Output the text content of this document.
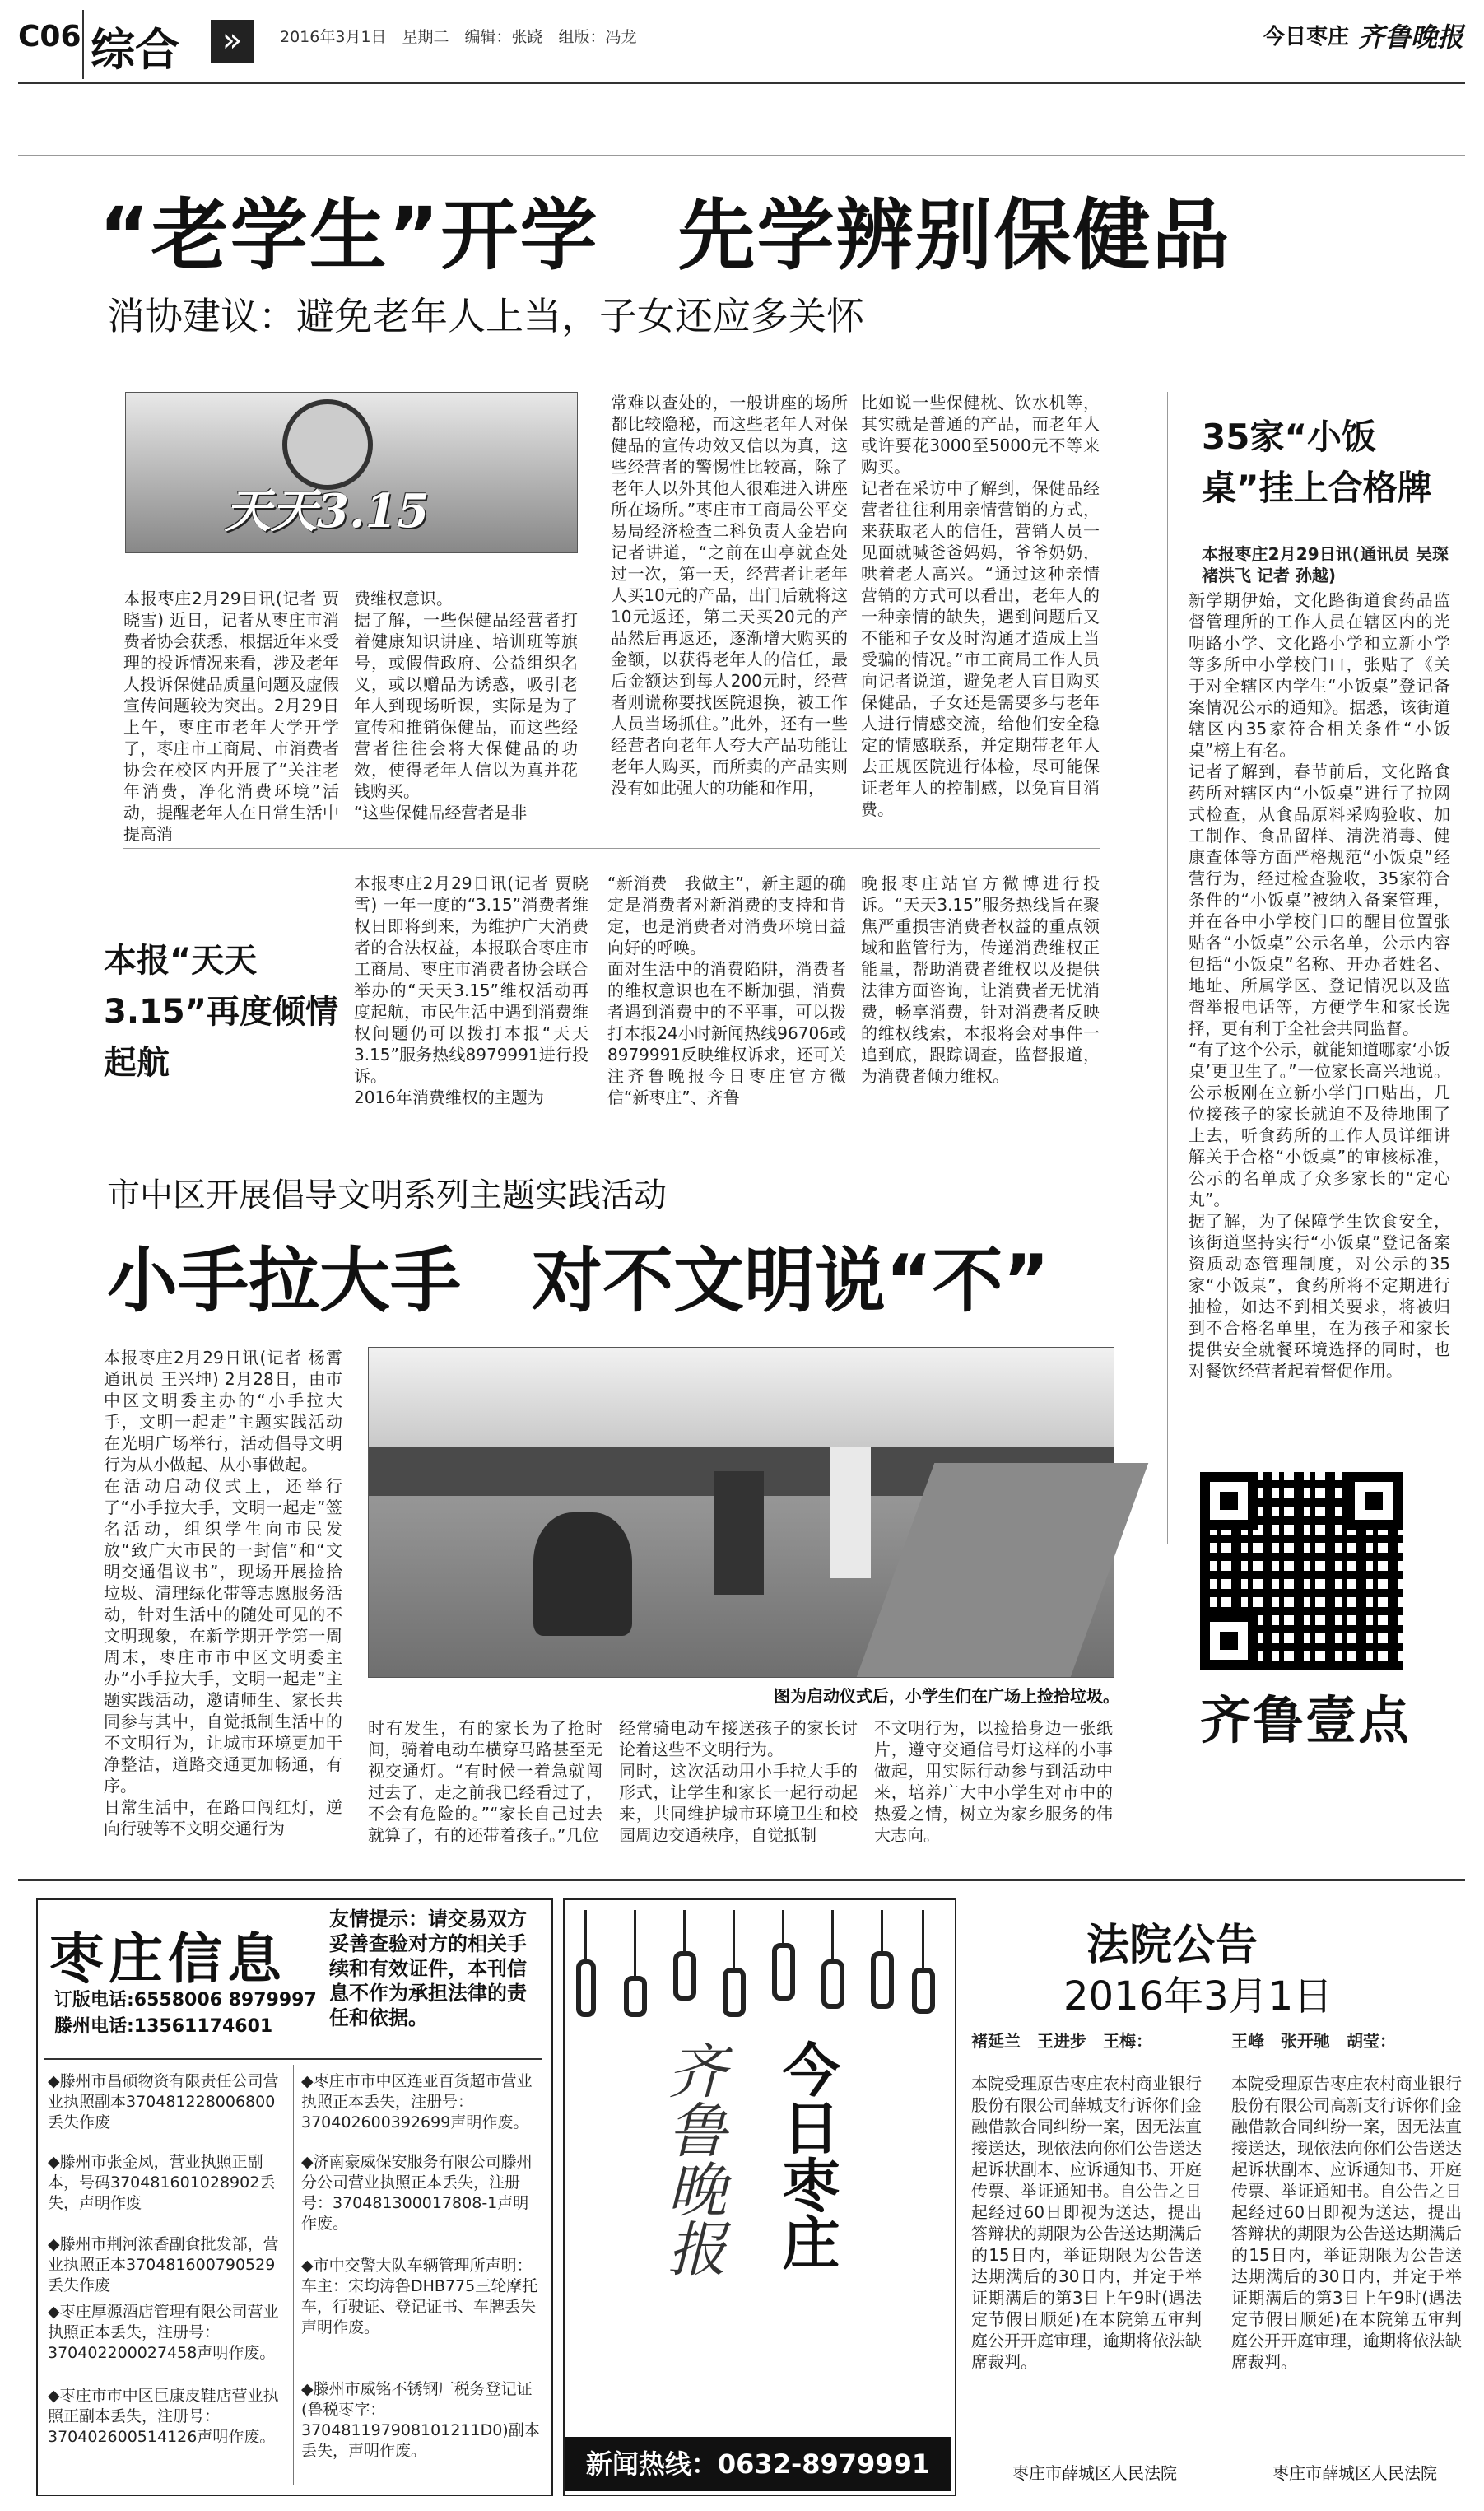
C06 综合	»	2016年3月1日　星期二　编辑：张跷　组版：冯龙	今日枣庄 齐鲁晚报
“老学生”开学　先学辨别保健品
消协建议：避免老年人上当，子女还应多关怀
天天3.15
本报枣庄2月29日讯(记者 贾晓雪) 近日，记者从枣庄市消费者协会获悉，根据近年来受理的投诉情况来看，涉及老年人投诉保健品质量问题及虚假宣传问题较为突出。2月29日上午，枣庄市老年大学开学了，枣庄市工商局、市消费者协会在校区内开展了“关注老年消费，净化消费环境”活动，提醒老年人在日常生活中提高消
费维权意识。
据了解，一些保健品经营者打着健康知识讲座、培训班等旗号，或假借政府、公益组织名义，或以赠品为诱惑，吸引老年人到现场听课，实际是为了宣传和推销保健品，而这些经营者往往会将大保健品的功效，使得老年人信以为真并花钱购买。
“这些保健品经营者是非
常难以查处的，一般讲座的场所都比较隐秘，而这些老年人对保健品的宣传功效又信以为真，这些经营者的警惕性比较高，除了老年人以外其他人很难进入讲座所在场所。”枣庄市工商局公平交易局经济检查二科负责人金岩向记者讲道，“之前在山亭就查处过一次，第一天，经营者让老年人买10元的产品，出门后就将这10元返还，第二天买20元的产品然后再返还，逐渐增大购买的金额，以获得老年人的信任，最后金额达到每人200元时，经营者则谎称要找医院退换，被工作人员当场抓住。”此外，还有一些经营者向老年人夸大产品功能让老年人购买，而所卖的产品实则没有如此强大的功能和作用，
比如说一些保健枕、饮水机等，其实就是普通的产品，而老年人或许要花3000至5000元不等来购买。
记者在采访中了解到，保健品经营者往往利用亲情营销的方式，来获取老人的信任，营销人员一见面就喊爸爸妈妈，爷爷奶奶，哄着老人高兴。“通过这种亲情营销的方式可以看出，老年人的一种亲情的缺失，遇到问题后又不能和子女及时沟通才造成上当受骗的情况。”市工商局工作人员向记者说道，避免老人盲目购买保健品，子女还是需要多与老年人进行情感交流，给他们安全稳定的情感联系，并定期带老年人去正规医院进行体检，尽可能保证老年人的控制感，以免盲目消费。
本报“天天3.15”再度倾情起航
本报枣庄2月29日讯(记者 贾晓雪) 一年一度的“3.15”消费者维权日即将到来，为维护广大消费者的合法权益，本报联合枣庄市工商局、枣庄市消费者协会联合举办的“天天3.15”维权活动再度起航，市民生活中遇到消费维权问题仍可以拨打本报“天天3.15”服务热线8979991进行投诉。
2016年消费维权的主题为
“新消费　我做主”，新主题的确定是消费者对新消费的支持和肯定，也是消费者对消费环境日益向好的呼唤。
面对生活中的消费陷阱，消费者的维权意识也在不断加强，消费者遇到消费中的不平事，可以拨打本报24小时新闻热线96706或8979991反映维权诉求，还可关注齐鲁晚报今日枣庄官方微信“新枣庄”、齐鲁
晚报枣庄站官方微博进行投诉。“天天3.15”服务热线旨在聚焦严重损害消费者权益的重点领域和监管行为，传递消费维权正能量，帮助消费者维权以及提供法律方面咨询，让消费者无忧消费，畅享消费，针对消费者反映的维权线索，本报将会对事件一追到底，跟踪调查，监督报道，为消费者倾力维权。
35家“小饭桌”挂上合格牌
本报枣庄2月29日讯(通讯员 吴琛 褚洪飞 记者 孙越)
新学期伊始，文化路街道食药品监督管理所的工作人员在辖区内的光明路小学、文化路小学和立新小学等多所中小学校门口，张贴了《关于对全辖区内学生“小饭桌”登记备案情况公示的通知》。据悉，该街道辖区内35家符合相关条件“小饭桌”榜上有名。
记者了解到，春节前后，文化路食药所对辖区内“小饭桌”进行了拉网式检查，从食品原料采购验收、加工制作、食品留样、清洗消毒、健康查体等方面严格规范“小饭桌”经营行为，经过检查验收，35家符合条件的“小饭桌”被纳入备案管理，并在各中小学校门口的醒目位置张贴各“小饭桌”公示名单，公示内容包括“小饭桌”名称、开办者姓名、地址、所属学区、登记情况以及监督举报电话等，方便学生和家长选择，更有利于全社会共同监督。
“有了这个公示，就能知道哪家‘小饭桌’更卫生了。”一位家长高兴地说。公示板刚在立新小学门口贴出，几位接孩子的家长就迫不及待地围了上去，听食药所的工作人员详细讲解关于合格“小饭桌”的审核标准，公示的名单成了众多家长的“定心丸”。
据了解，为了保障学生饮食安全，该街道坚持实行“小饭桌”登记备案资质动态管理制度，对公示的35家“小饭桌”，食药所将不定期进行抽检，如达不到相关要求，将被归到不合格名单里，在为孩子和家长提供安全就餐环境选择的同时，也对餐饮经营者起着督促作用。
齐鲁壹点
市中区开展倡导文明系列主题实践活动
小手拉大手　对不文明说“不”
本报枣庄2月29日讯(记者 杨霄 通讯员 王兴坤) 2月28日，由市中区文明委主办的“小手拉大手，文明一起走”主题实践活动在光明广场举行，活动倡导文明行为从小做起、从小事做起。
在活动启动仪式上，还举行了“小手拉大手，文明一起走”签名活动，组织学生向市民发放“致广大市民的一封信”和“文明交通倡议书”，现场开展捡拾垃圾、清理绿化带等志愿服务活动，针对生活中的随处可见的不文明现象，在新学期开学第一周周末，枣庄市市中区文明委主办“小手拉大手，文明一起走”主题实践活动，邀请师生、家长共同参与其中，自觉抵制生活中的不文明行为，让城市环境更加干净整洁，道路交通更加畅通，有序。
日常生活中，在路口闯红灯，逆向行驶等不文明交通行为
图为启动仪式后，小学生们在广场上捡拾垃圾。
时有发生，有的家长为了抢时间，骑着电动车横穿马路甚至无视交通灯。“有时候一着急就闯过去了，走之前我已经看过了，不会有危险的。”“家长自己过去就算了，有的还带着孩子。”几位
经常骑电动车接送孩子的家长讨论着这些不文明行为。
同时，这次活动用小手拉大手的形式，让学生和家长一起行动起来，共同维护城市环境卫生和校园周边交通秩序，自觉抵制
不文明行为，以捡拾身边一张纸片，遵守交通信号灯这样的小事做起，用实际行动参与到活动中来，培养广大中小学生对市中的热爱之情，树立为家乡服务的伟大志向。
枣庄信息
订版电话:6558006 8979997
滕州电话:13561174601
友情提示：请交易双方妥善查验对方的相关手续和有效证件，本刊信息不作为承担法律的责任和依据。
◆滕州市昌硕物资有限责任公司营业执照副本370481228006800丢失作废
◆滕州市张金凤，营业执照正副本，号码370481601028902丢失，声明作废
◆滕州市荆河浓香副食批发部，营业执照正本370481600790529丢失作废
◆枣庄厚源酒店管理有限公司营业执照正本丢失，注册号：370402200027458声明作废。
◆枣庄市市中区巨康皮鞋店营业执照正副本丢失，注册号：370402600514126声明作废。
◆枣庄市市中区连亚百货超市营业执照正本丢失，注册号：370402600392699声明作废。
◆济南豪威保安服务有限公司滕州分公司营业执照正本丢失，注册号：370481300017808-1声明作废。
◆市中交警大队车辆管理所声明：车主：宋均涛鲁DHB775三轮摩托车，行驶证、登记证书、车牌丢失声明作废。
◆滕州市威铭不锈钢厂税务登记证(鲁税枣字：370481197908101211D0)副本丢失，声明作废。
齐鲁晚报 今日枣庄
新闻热线：0632-8979991
法院公告
2016年3月1日
褚延兰　王进步　王梅：
本院受理原告枣庄农村商业银行股份有限公司薛城支行诉你们金融借款合同纠纷一案，因无法直接送达，现依法向你们公告送达起诉状副本、应诉通知书、开庭传票、举证通知书。自公告之日起经过60日即视为送达，提出答辩状的期限为公告送达期满后的15日内，举证期限为公告送达期满后的30日内，并定于举证期满后的第3日上午9时(遇法定节假日顺延)在本院第五审判庭公开开庭审理，逾期将依法缺席裁判。
枣庄市薛城区人民法院
王峰　张开驰　胡莹：
本院受理原告枣庄农村商业银行股份有限公司高新支行诉你们金融借款合同纠纷一案，因无法直接送达，现依法向你们公告送达起诉状副本、应诉通知书、开庭传票、举证通知书。自公告之日起经过60日即视为送达，提出答辩状的期限为公告送达期满后的15日内，举证期限为公告送达期满后的30日内，并定于举证期满后的第3日上午9时(遇法定节假日顺延)在本院第五审判庭公开开庭审理，逾期将依法缺席裁判。
枣庄市薛城区人民法院
